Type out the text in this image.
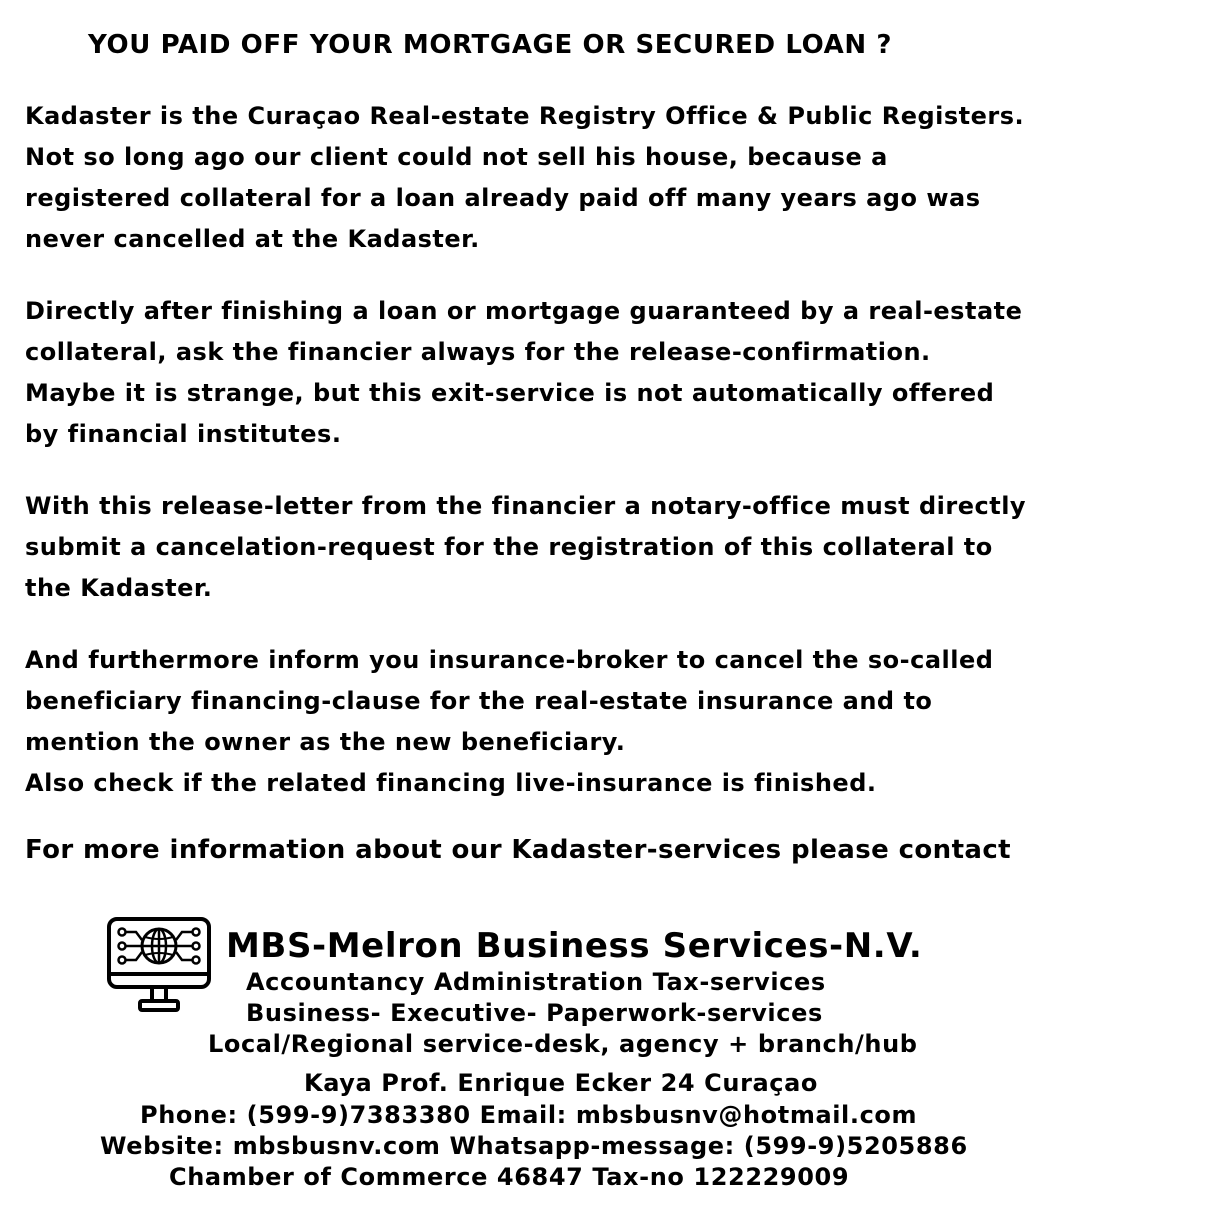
YOU PAID OFF YOUR MORTGAGE OR SECURED LOAN ?
Kadaster is the Curaçao Real-estate Registry Office & Public Registers.
Not so long ago our client could not sell his house, because a
registered collateral for a loan already paid off many years ago was
never cancelled at the Kadaster.
Directly after finishing a loan or mortgage guaranteed by a real-estate
collateral, ask the financier always for the release-confirmation.
Maybe it is strange, but this exit-service is not automatically offered
by financial institutes.
With this release-letter from the financier a notary-office must directly
submit a cancelation-request for the registration of this collateral to
the Kadaster.
And furthermore inform you insurance-broker to cancel the so-called
beneficiary financing-clause for the real-estate insurance and to
mention the owner as the new beneficiary.
Also check if the related financing live-insurance is finished.
For more information about our Kadaster-services please contact
MBS-Melron Business Services-N.V.
Accountancy Administration Tax-services
Business- Executive- Paperwork-services
Local/Regional service-desk, agency + branch/hub
Kaya Prof. Enrique Ecker 24 Curaçao
Phone: (599-9)7383380 Email: mbsbusnv@hotmail.com
Website: mbsbusnv.com Whatsapp-message: (599-9)5205886
Chamber of Commerce 46847 Tax-no 122229009
